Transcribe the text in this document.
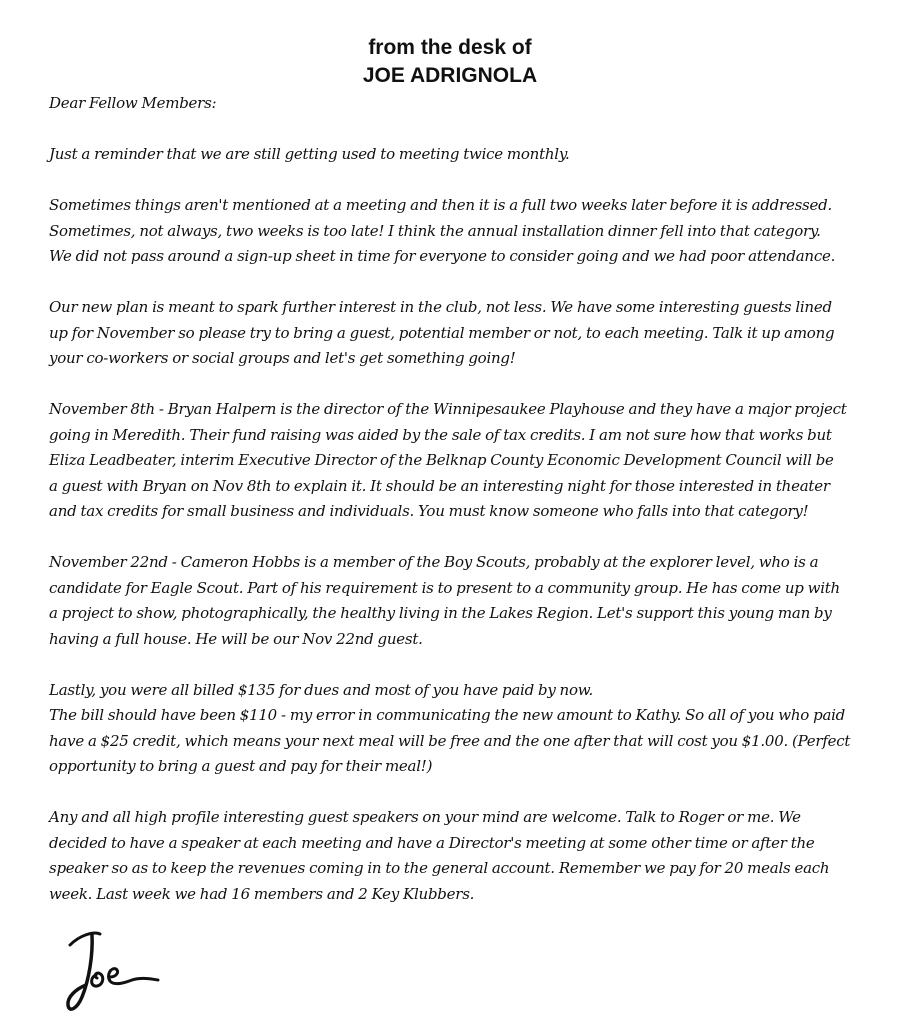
from the desk of
JOE ADRIGNOLA
Dear Fellow Members:
Just a reminder that we are still getting used to meeting twice monthly.
Sometimes things aren't mentioned at a meeting and then it is a full two weeks later before it is addressed.
Sometimes, not always, two weeks is too late! I think the annual installation dinner fell into that category.
We did not pass around a sign-up sheet in time for everyone to consider going and we had poor attendance.
Our new plan is meant to spark further interest in the club, not less. We have some interesting guests lined
up for November so please try to bring a guest, potential member or not, to each meeting. Talk it up among
your co-workers or social groups and let's get something going!
November 8th - Bryan Halpern is the director of the Winnipesaukee Playhouse and they have a major project
going in Meredith. Their fund raising was aided by the sale of tax credits. I am not sure how that works but
Eliza Leadbeater, interim Executive Director of the Belknap County Economic Development Council will be
a guest with Bryan on Nov 8th to explain it. It should be an interesting night for those interested in theater
and tax credits for small business and individuals. You must know someone who falls into that category!
November 22nd - Cameron Hobbs is a member of the Boy Scouts, probably at the explorer level, who is a
candidate for Eagle Scout. Part of his requirement is to present to a community group. He has come up with
a project to show, photographically, the healthy living in the Lakes Region. Let's support this young man by
having a full house. He will be our Nov 22nd guest.
Lastly, you were all billed $135 for dues and most of you have paid by now.
The bill should have been $110 - my error in communicating the new amount to Kathy. So all of you who paid
have a $25 credit, which means your next meal will be free and the one after that will cost you $1.00. (Perfect
opportunity to bring a guest and pay for their meal!)
Any and all high profile interesting guest speakers on your mind are welcome. Talk to Roger or me. We
decided to have a speaker at each meeting and have a Director's meeting at some other time or after the
speaker so as to keep the revenues coming in to the general account. Remember we pay for 20 meals each
week. Last week we had 16 members and 2 Key Klubbers.
